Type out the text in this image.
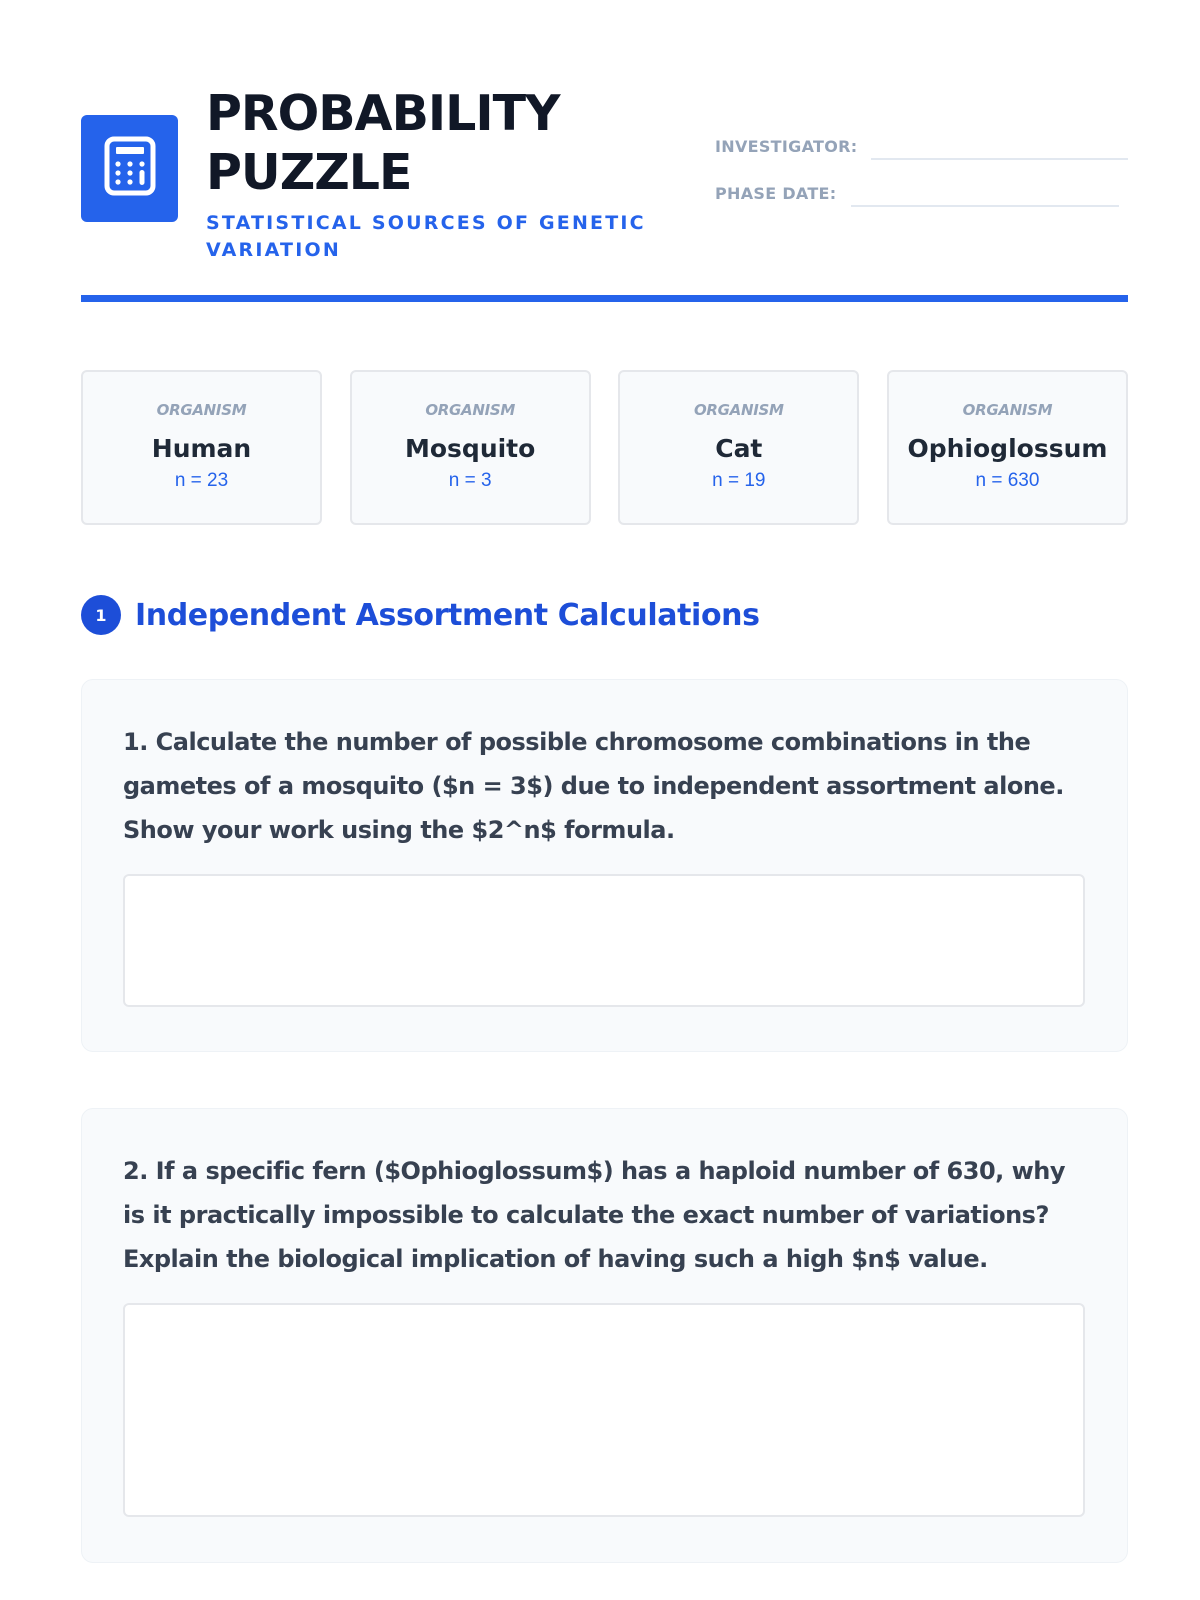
PROBABILITY
PUZZLE
STATISTICAL SOURCES OF GENETIC VARIATION
INVESTIGATOR:
PHASE DATE:
ORGANISM
Human
n = 23
ORGANISM
Mosquito
n = 3
ORGANISM
Cat
n = 19
ORGANISM
Ophioglossum
n = 630
1 Independent Assortment Calculations
1. Calculate the number of possible chromosome combinations in the gametes of a mosquito ($n = 3$) due to independent assortment alone. Show your work using the $2^n$ formula.
2. If a specific fern ($Ophioglossum$) has a haploid number of 630, why is it practically impossible to calculate the exact number of variations? Explain the biological implication of having such a high $n$ value.
